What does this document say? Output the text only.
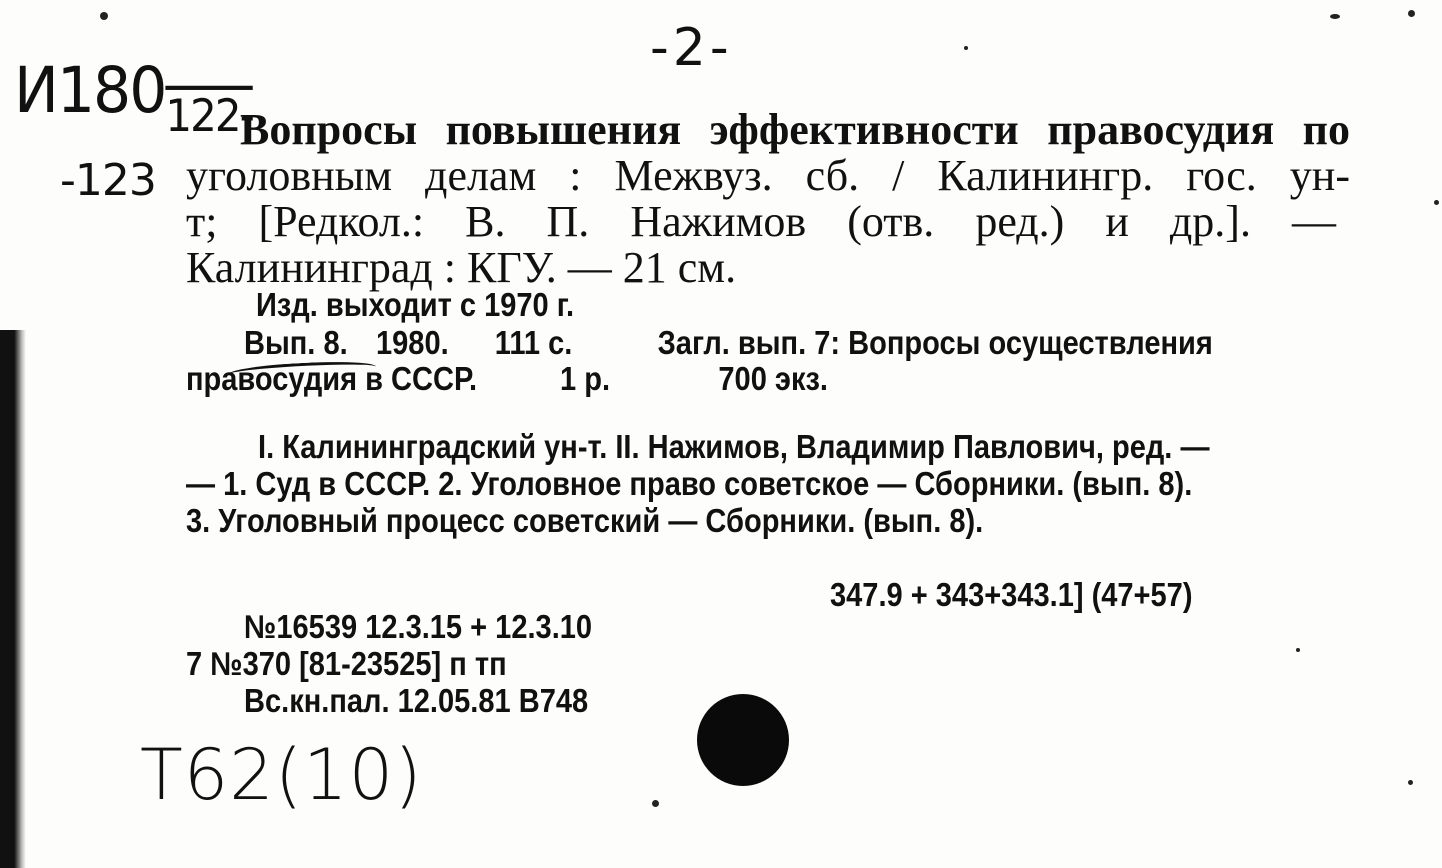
-2-
$И180_{122-}$
-123
Вопросы повышения эффективности правосудия по
уголовным делам : Межвуз. сб. / Калинингр. гос. ун-
т; [Редкол.: В. П. Нажимов (отв. ред.) и др.]. —
Калининград : КГУ. — 21 см.
Изд. выходит с 1970 г.
Вып. 8. 1980. 111 с.	Загл. вып. 7: Вопросы осуществления
правосудия в СССР.	1 р.	700 экз.
I. Калининградский ун-т. II. Нажимов, Владимир Павлович, ред. —
— 1. Суд в СССР. 2. Уголовное право советское — Сборники. (вып. 8).
3. Уголовный процесс советский — Сборники. (вып. 8).
347.9 + 343+343.1] (47+57)
№16539 12.3.15 + 12.3.10
7 №370 [81-23525] п тп
Вс.кн.пал. 12.05.81 В748
T62(10)
